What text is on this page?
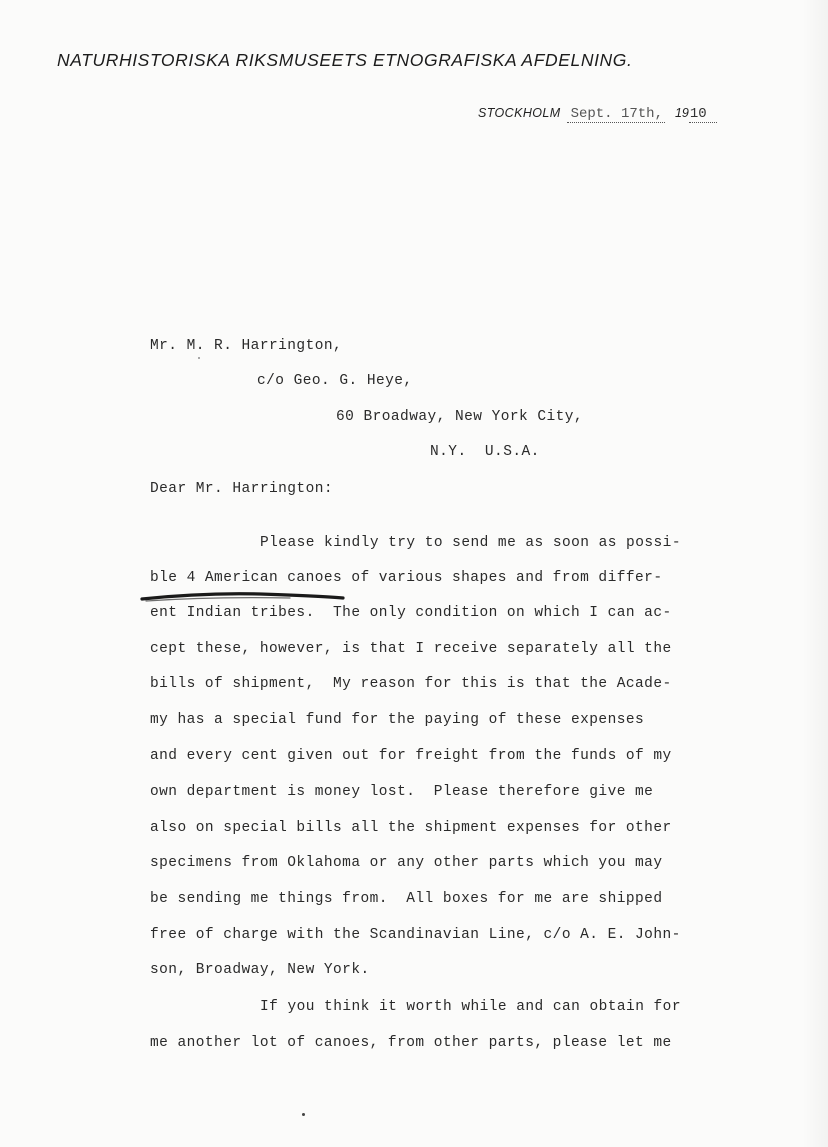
NATURHISTORISKA RIKSMUSEETS ETNOGRAFISKA AFDELNING.
STOCKHOLM Sept. 17th, 1910

Mr. M. R. Harrington,

c/o Geo. G. Heye,

60 Broadway, New York City,

N.Y.  U.S.A.

Dear Mr. Harrington:

Please kindly try to send me as soon as possi-

ble 4 American canoes of various shapes and from differ-

ent Indian tribes.  The only condition on which I can ac-

cept these, however, is that I receive separately all the

bills of shipment,  My reason for this is that the Acade-

my has a special fund for the paying of these expenses

and every cent given out for freight from the funds of my

own department is money lost.  Please therefore give me

also on special bills all the shipment expenses for other

specimens from Oklahoma or any other parts which you may

be sending me things from.  All boxes for me are shipped

free of charge with the Scandinavian Line, c/o A. E. John-

son, Broadway, New York.

If you think it worth while and can obtain for

me another lot of canoes, from other parts, please let me
